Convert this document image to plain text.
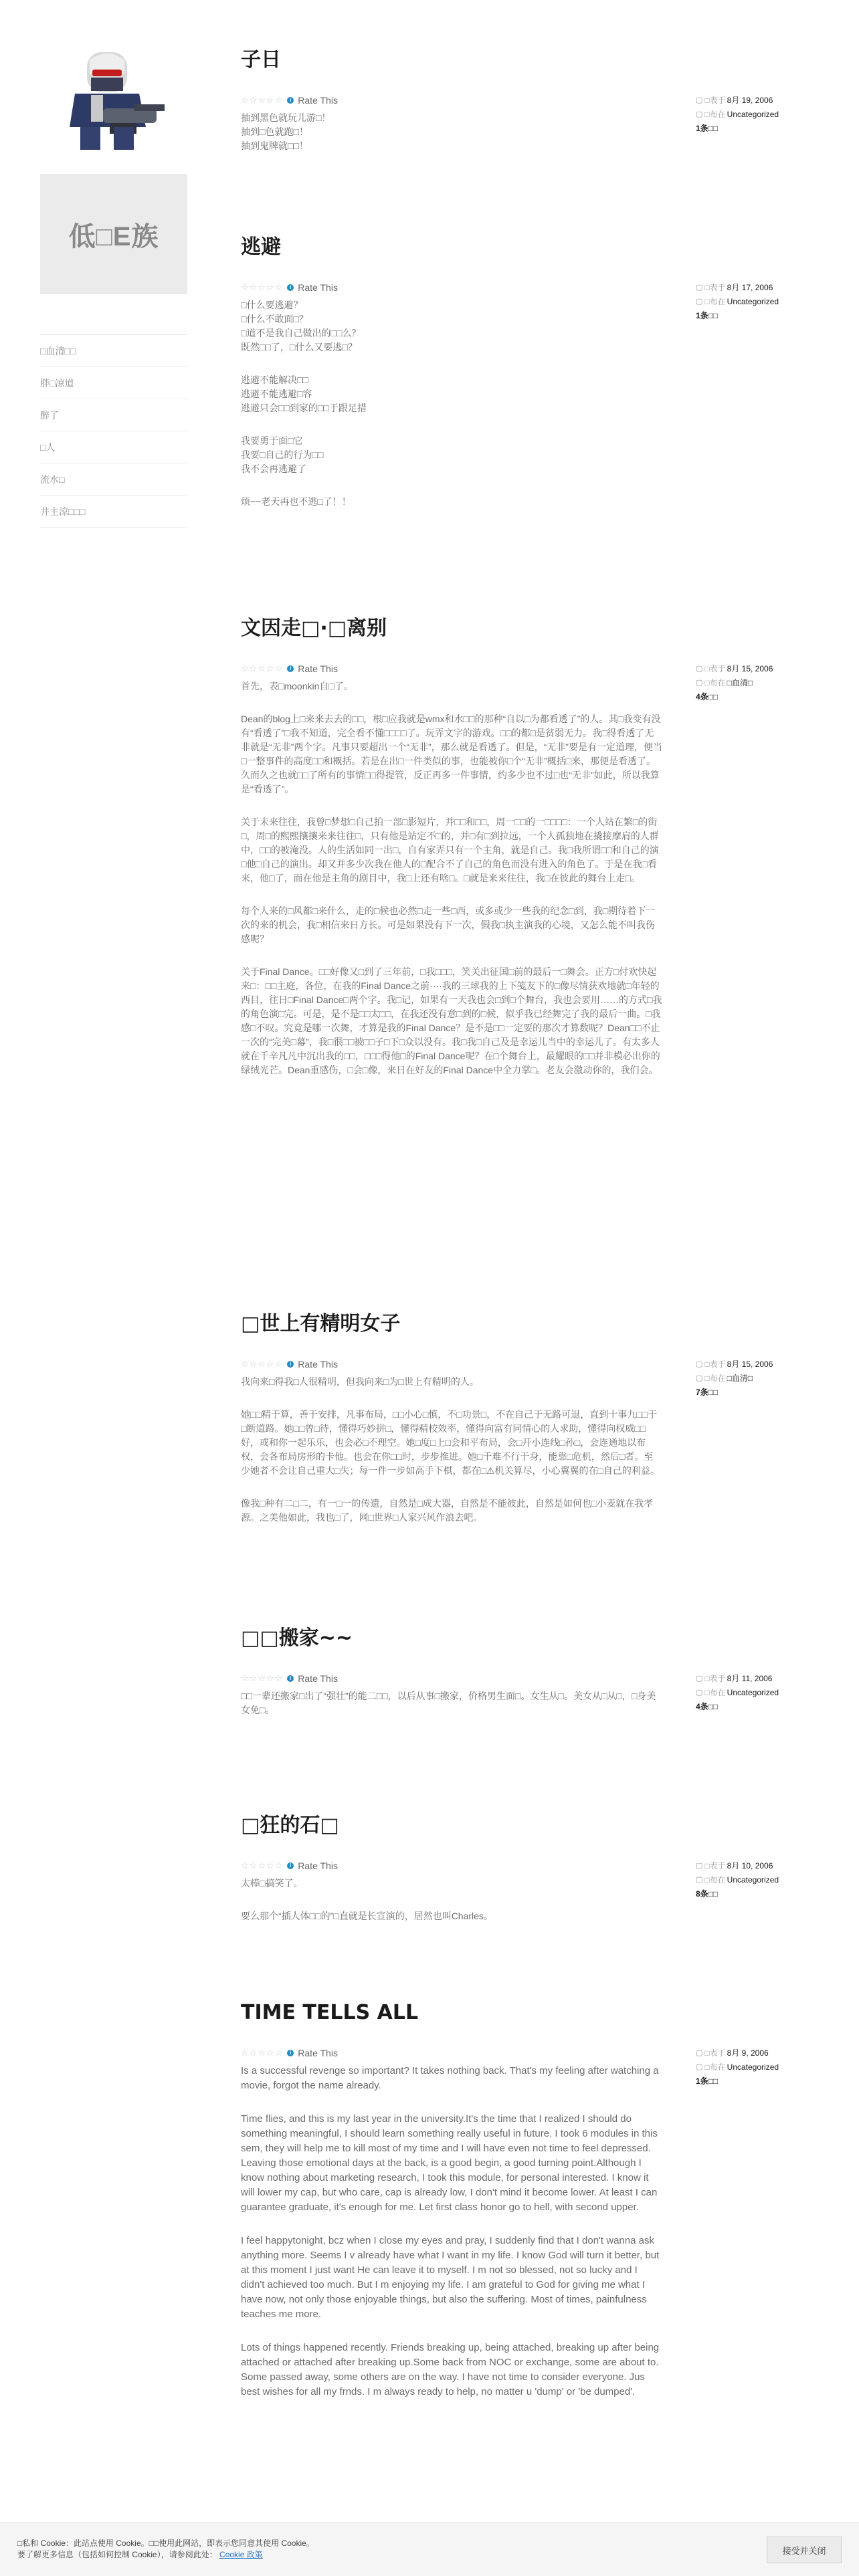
低□E族
□血清□□
胖□凉道
醉了
□人
流水□
井主涼□□□
子日
☆☆☆☆☆	i Rate This

抽到黑色就玩儿游□！
抽到□色就跑□！
抽到鬼牌就□□！

▢ □表于 8月 19, 2006
▢ □布在 Uncategorized
1条□□
逃避
☆☆☆☆☆	i Rate This

□什么要逃避？
□什么不敢面□？
□道不是我自己做出的□□么？
既然□□了，□什么又要逃□？

逃避不能解决□□
逃避不能逃避□容
逃避只会□□到家的□□于跟足措

我要勇于面□它
我要□自己的行为□□
我不会再逃避了

烦~~老天再也不逃□了！！

▢ □表于 8月 17, 2006
▢ □布在 Uncategorized
1条□□
文因走□·□离别
☆☆☆☆☆	i Rate This

首先，表□moonkin自□了。

Dean的blog上□来来去去的□□，根□应我就是wmx和水□□的那种“自以□为都看透了”的人。其□我变有没有“看透了”□我不知道，完全看不懂□□□□了。玩弄文字的游戏。□□的都□是贫弱无力。我□得看透了无非就是“无非”两个字。凡事只要超出一个“无非”，那么就是看透了。但是，“无非”要是有一定道理，便当□一整事件的高度□□和概括。若是在出□一件类似的事，也能被你□个“无非”概括□来，那便是看透了。久而久之也就□□了所有的事情□□得提管，反正再多一件事情，约多少也不过□也“无非”如此，所以我算是“看透了”。

关于未来往往，我曾□梦想□自己拍一部□影短片，并□□和□□，周一□□的一□□□□：一个人站在繁□的街□，周□的熙熙攘攘来来往往□，只有他是站定不□的，并□有□到拉远，一个人孤独地在撬接摩肩的人群中，□□的被淹没。人的生活如同一出□，自有家弄只有一个主角，就是自己。我□我所谓□□和自己的演□他□自己的演出。却又并多少次我在他人的□配合不了自己的角色而没有进入的角色了。于是在我□看来，他□了，而在他是主角的剧目中，我□上还有啥□。□就是来来往往，我□在彼此的舞台上走□。

每个人来的□风都□来什么，走的□候也必然□走一些□西，或多或少一些我的纪念□到，我□期待着下一次的来的机会，我□相信来日方长。可是如果没有下一次，假我□执主演我的心境，又怎么能不叫我伤感呢？

关于Final Dance。□□好像又□到了三年前，□我□□□，笑关出征国□前的最后一□舞会。正方□付欢快起来□：□□主庭，各位，在我的Final Dance之前····我的三球我的上下笺友下的□像尽情获欢地就□年轻的西目，往日□Final Dance□两个字。我□记，如果有一天我也会□到□个舞台，我也会要用……的方式□我的角色演□完。可是，是不是□□太□□，在我还没有意□到的□候，似乎我已经舞完了我的最后一曲。□我感□不叹。究竟是哪一次舞，才算是我的Final Dance？是不是□□一定要的那次才算数呢？Dean□□不止一次的“完美□幕”，我□很□□被□□子□下□众以没有。我□我□自己及是幸运儿当中的幸运儿了。有太多人就在千辛凡凡中沉出我的□□，□□□得他□的Final Dance呢？在□个舞台上，最耀眼的□□并非模必出你的绿绒光芒。Dean重感伤，□会□像，来日在好友的Final Dance中全力掌□。老友会激动你的，我们会。

▢ □表于 8月 15, 2006
▢ □布在 □血清□
4条□□
□世上有精明女子
☆☆☆☆☆	i Rate This

我向来□得我□人很精明，但我向来□为□世上有精明的人。

她□□精于算，善于安排，凡事布局，□□小心□慎，不□功景□，不在自己于无路可退，直到十事九□□于□断道路。她□□曾□待，懂得巧妙拼□，懂得精校效率，懂得向富有同情心的人求助，懂得向权威□□好，或和你一起乐乐，也会必□不理空。她□度□上□会和平布局，会□开小连线□孙□，会连通地以布权，会各布局房形的卡他。也会在你□□时，步步推进。她□千难不行于身，能靠□危机，然后□者。至少她者不会让自己重大□失；每一件一步如高手下棋，都在□⚠机关算尽，小心翼翼的在□自己的利益。

像我□种有二□二，有一□一的传遗，自然是□成大器，自然是不能彼此，自然是如何也□小麦就在我孝源。之美他如此，我也□了，网□世界□人家兴风作浪去吧。

▢ □表于 8月 15, 2006
▢ □布在 □血清□
7条□□
□□搬家~~
☆☆☆☆☆	i Rate This

□□一辈还搬家□出了“强壮”的能二□□，以后从事□搬家，价格男生面□。女生从□。美女从□从□，□身美女免□。

▢ □表于 8月 11, 2006
▢ □布在 Uncategorized
4条□□
□狂的石□
☆☆☆☆☆	i Rate This

太棒□搞笑了。

要么那个“插人体□□的”□直就是长宣演的，居然也叫Charles。

▢ □表于 8月 10, 2006
▢ □布在 Uncategorized
8条□□
TIME TELLS ALL
☆☆☆☆☆	i Rate This

Is a successful revenge so important? It takes nothing back. That's my feeling after watching a movie, forgot the name already.

Time flies, and this is my last year in the university.It's the time that I realized I should do something meaningful, I should learn something really useful in future. I took 6 modules in this sem, they will help me to kill most of my time and I will have even not time to feel depressed. Leaving those emotional days at the back, is a good begin, a good turning point.Although I know nothing about marketing research, I took this module, for personal interested. I know it will lower my cap, but who care, cap is already low, I don't mind it become lower. At least I can guarantee graduate, it's enough for me. Let first class honor go to hell, with second upper.

I feel happytonight, bcz when I close my eyes and pray, I suddenly find that I don't wanna ask anything more. Seems I v already have what I want in my life. I know God will turn it better, but at this moment I just want He can leave it to myself. I m not so blessed, not so lucky and I didn't achieved too much. But I m enjoying my life. I am grateful to God for giving me what I have now, not only those enjoyable things, but also the suffering. Most of times, painfulness teaches me more.

Lots of things happened recently. Friends breaking up, being attached, breaking up after being attached or attached after breaking up.Some back from NOC or exchange, some are about to. Some passed away, some others are on the way. I have not time to consider everyone. Jus best wishes for all my frnds. I m always ready to help, no matter u 'dump' or 'be dumped'.

▢ □表于 8月 9, 2006
▢ □布在 Uncategorized
1条□□
□私和 Cookie：此站点使用 Cookie。□□使用此网站，即表示您同意其使用 Cookie。
要了解更多信息（包括如何控制 Cookie），请参阅此处： Cookie 政策	接受并关闭
